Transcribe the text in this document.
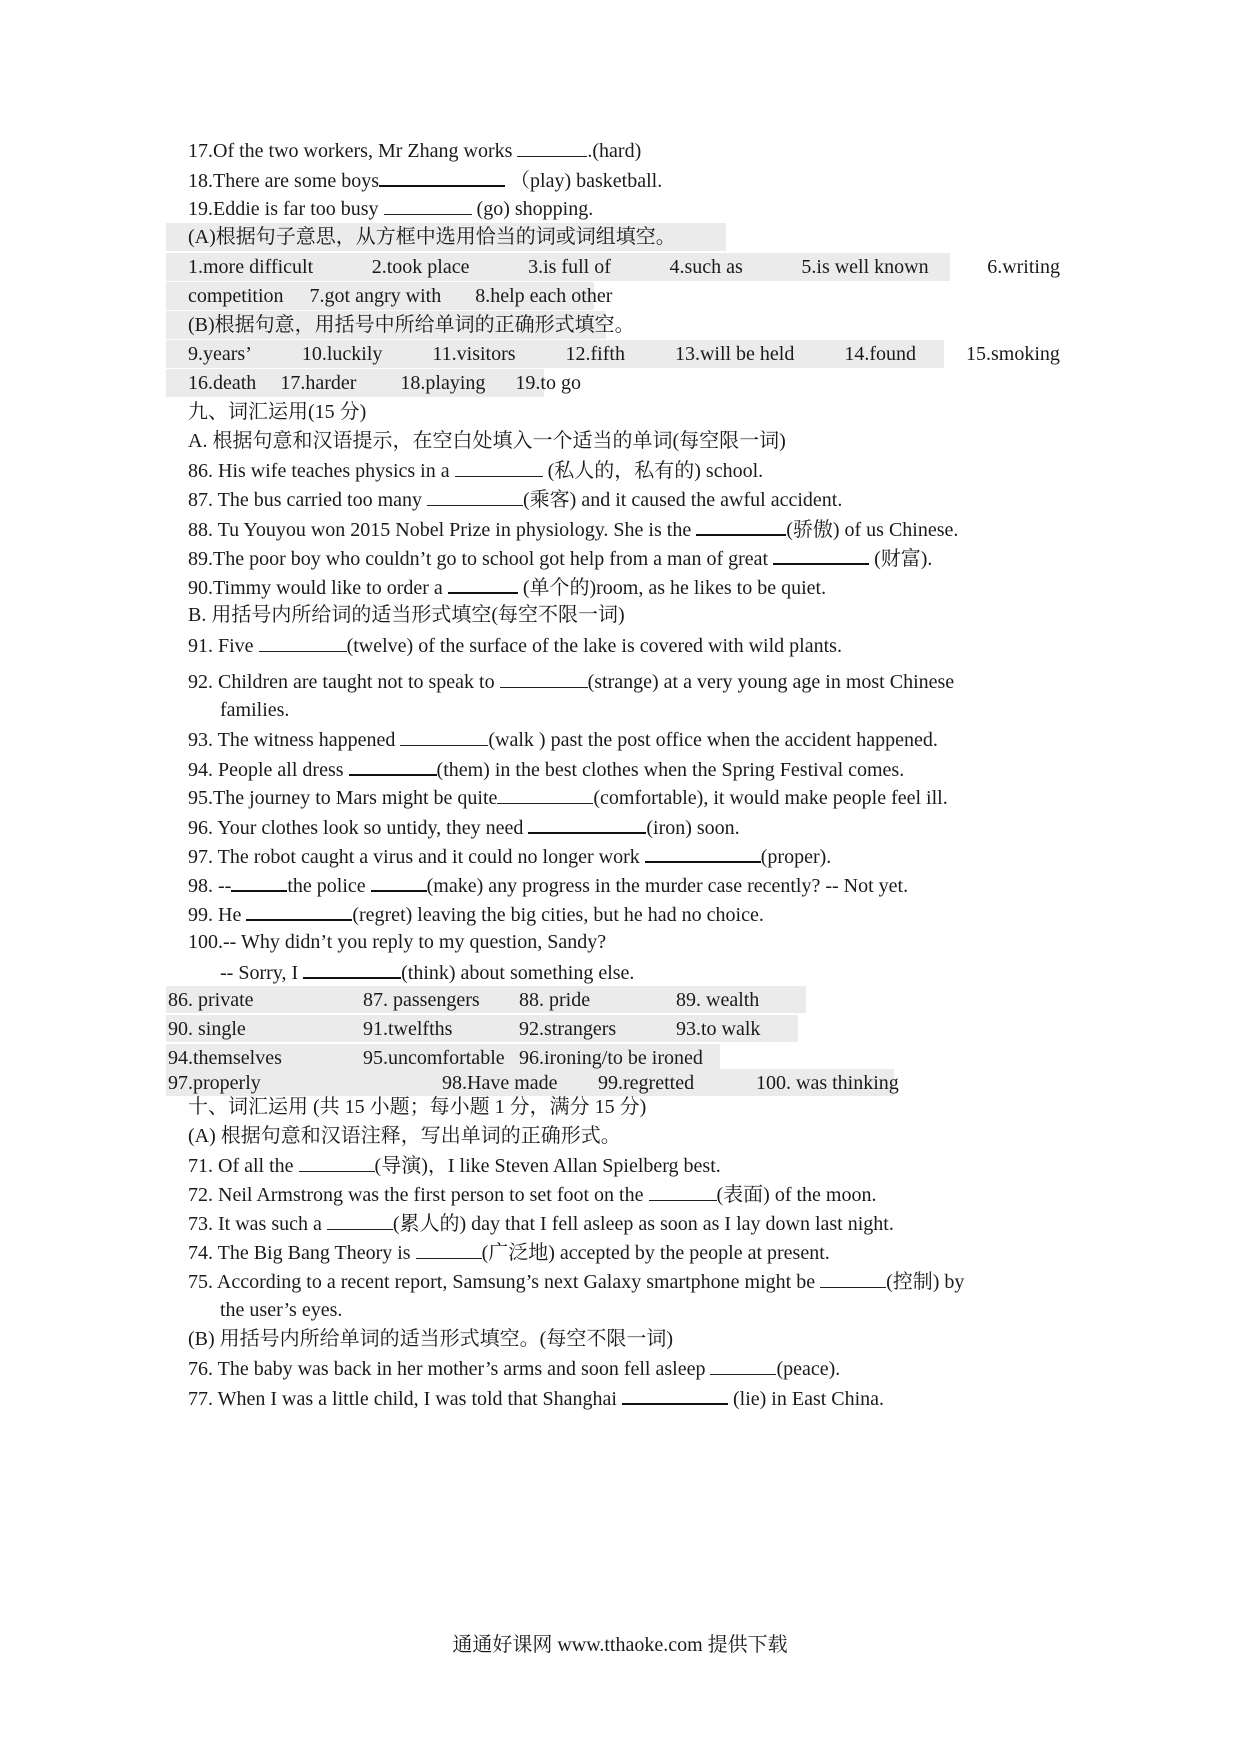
17.Of the two workers, Mr Zhang works	.(hard)
18.There are some boys	（play) basketball.
19.Eddie is far too busy	(go) shopping.
(A)根据句子意思，从方框中选用恰当的词或词组填空。
1.more difficult	2.took place	3.is full of	4.such as	5.is well known	6.writing
competition 7.got angry with 8.help each other
(B)根据句意，用括号中所给单词的正确形式填空。
9.years’ 10.luckily 11.visitors 12.fifth 13.will be held 14.found 15.smoking
16.death 17.harder 18.playing 19.to go
九、词汇运用(15 分)
A. 根据句意和汉语提示，在空白处填入一个适当的单词(每空限一词)
86. His wife teaches physics in a	(私人的，私有的) school.
87. The bus carried too many	(乘客) and it caused the awful accident.
88. Tu Youyou won 2015 Nobel Prize in physiology. She is the	(骄傲) of us Chinese.
89.The poor boy who couldn’t go to school got help from a man of great	(财富).
90.Timmy would like to order a	(单个的)room, as he likes to be quiet.
B. 用括号内所给词的适当形式填空(每空不限一词)
91. Five	(twelve) of the surface of the lake is covered with wild plants.
92. Children are taught not to speak to	(strange) at a very young age in most Chinese
families.
93. The witness happened	(walk ) past the post office when the accident happened.
94. People all dress	(them) in the best clothes when the Spring Festival comes.
95.The journey to Mars might be quite	(comfortable), it would make people feel ill.
96. Your clothes look so untidy, they need	(iron) soon.
97. The robot caught a virus and it could no longer work	(proper).
98. --	the police	(make) any progress in the murder case recently? -- Not yet.
99. He	(regret) leaving the big cities, but he had no choice.
100.-- Why didn’t you reply to my question, Sandy?
-- Sorry, I	(think) about something else.
86. private	87. passengers 88. pride	89. wealth
90. single	91.twelfths	92.strangers	93.to walk
94.themselves	95.uncomfortable 96.ironing/to be ironed
97.properly	98.Have made 99.regretted	100. was thinking
十、词汇运用 (共 15 小题；每小题 1 分，满分 15 分)
(A) 根据句意和汉语注释，写出单词的正确形式。
71. Of all the	(导演)，I like Steven Allan Spielberg best.
72. Neil Armstrong was the first person to set foot on the	(表面) of the moon.
73. It was such a	(累人的) day that I fell asleep as soon as I lay down last night.
74. The Big Bang Theory is	(广泛地) accepted by the people at present.
75. According to a recent report, Samsung’s next Galaxy smartphone might be	(控制) by
the user’s eyes.
(B) 用括号内所给单词的适当形式填空。(每空不限一词)
76. The baby was back in her mother’s arms and soon fell asleep	(peace).
77. When I was a little child, I was told that Shanghai	(lie) in East China.
通通好课网 www.tthaoke.com 提供下载
